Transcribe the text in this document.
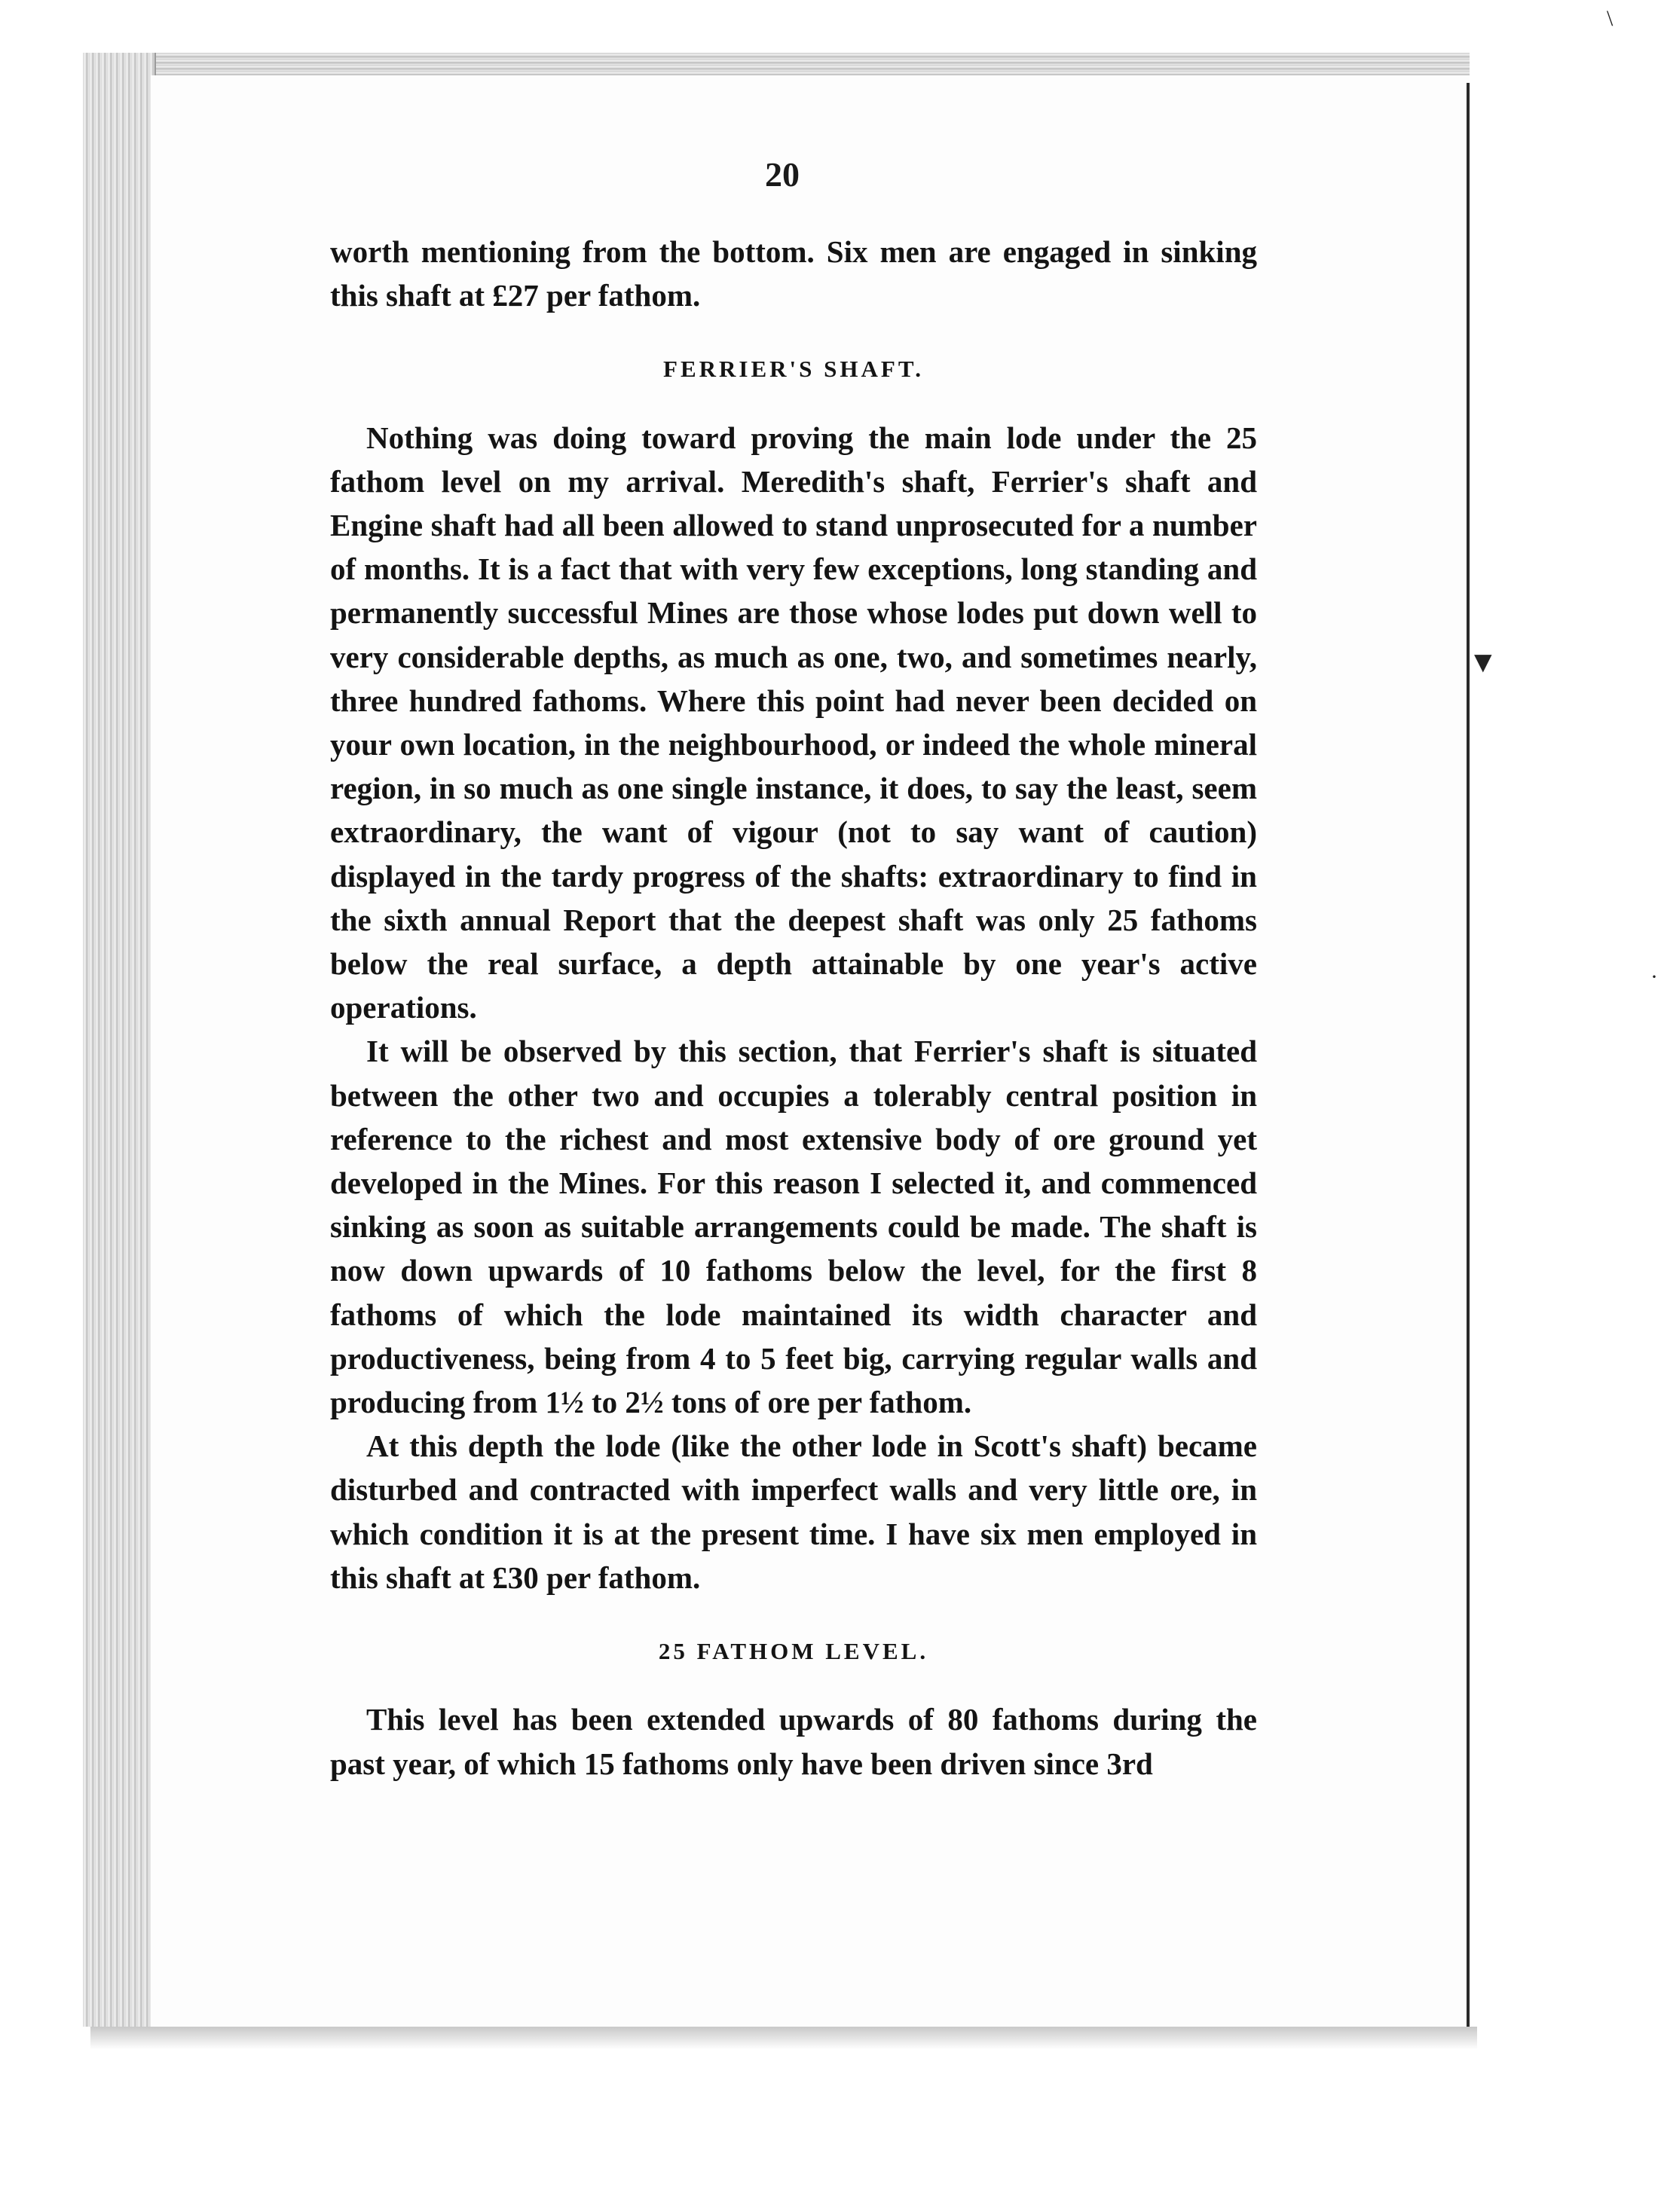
20

worth mentioning from the bottom. Six men are engaged in sinking this shaft at £27 per fathom.

FERRIER'S SHAFT.

Nothing was doing toward proving the main lode under the 25 fathom level on my arrival. Meredith's shaft, Ferrier's shaft and Engine shaft had all been allowed to stand unprosecuted for a number of months. It is a fact that with very few exceptions, long standing and permanently successful Mines are those whose lodes put down well to very considerable depths, as much as one, two, and sometimes nearly, three hundred fathoms. Where this point had never been decided on your own location, in the neighbourhood, or indeed the whole mineral region, in so much as one single instance, it does, to say the least, seem extraordinary, the want of vigour (not to say want of caution) displayed in the tardy progress of the shafts: extraordinary to find in the sixth annual Report that the deepest shaft was only 25 fathoms below the real surface, a depth attainable by one year's active operations.

It will be observed by this section, that Ferrier's shaft is situated between the other two and occupies a tolerably central position in reference to the richest and most extensive body of ore ground yet developed in the Mines. For this reason I selected it, and commenced sinking as soon as suitable arrangements could be made. The shaft is now down upwards of 10 fathoms below the level, for the first 8 fathoms of which the lode maintained its width character and productiveness, being from 4 to 5 feet big, carrying regular walls and producing from 1½ to 2½ tons of ore per fathom.

At this depth the lode (like the other lode in Scott's shaft) became disturbed and contracted with imperfect walls and very little ore, in which condition it is at the present time. I have six men employed in this shaft at £30 per fathom.

25 FATHOM LEVEL.

This level has been extended upwards of 80 fathoms during the past year, of which 15 fathoms only have been driven since 3rd

\
·
▼
